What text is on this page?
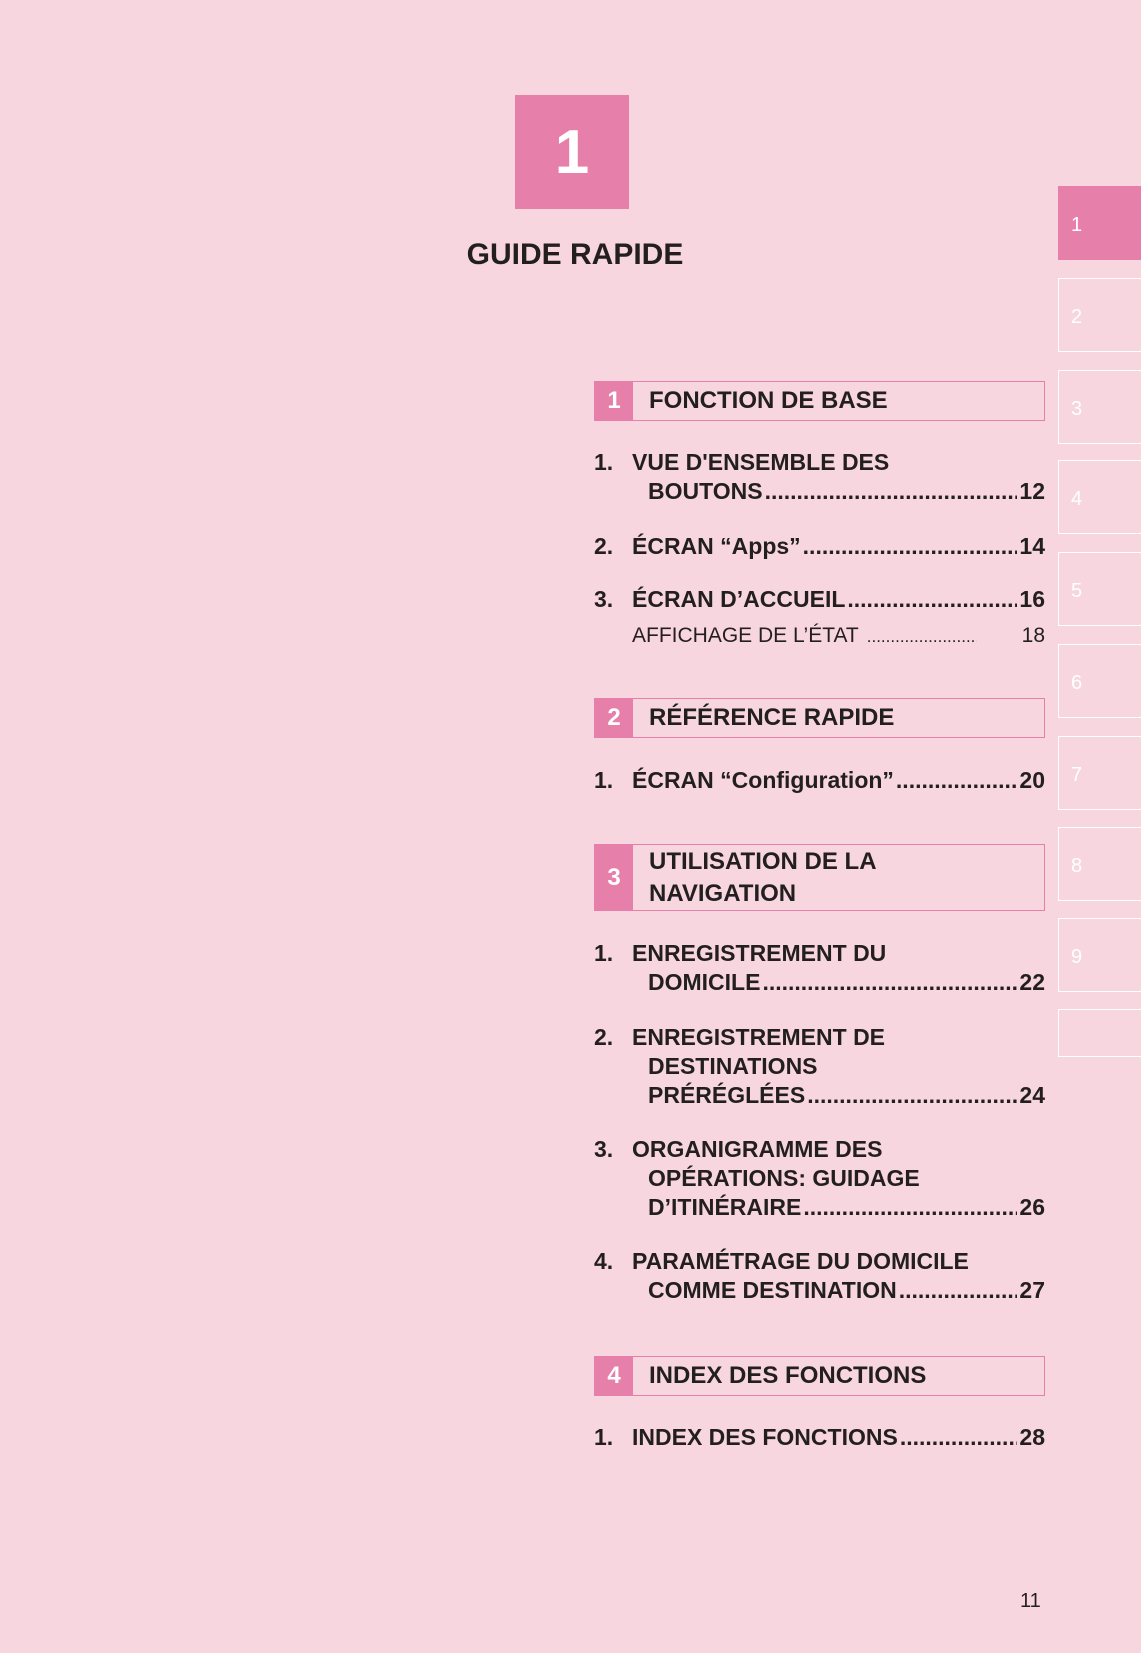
1
GUIDE RAPIDE
1
2
3
4
5
6
7
8
9
1	FONCTION DE BASE
1. VUE D'ENSEMBLE DES
BOUTONS .....	12
2. ÉCRAN “Apps” .....	14
3. ÉCRAN D’ACCUEIL .....	16
AFFICHAGE DE L’ÉTAT .....	18
2	RÉFÉRENCE RAPIDE
1. ÉCRAN “Configuration” .....	20
3
UTILISATION DE LA
NAVIGATION
1. ENREGISTREMENT DU
DOMICILE .....	22
2. ENREGISTREMENT DE
DESTINATIONS
PRÉRÉGLÉES .....	24
3. ORGANIGRAMME DES
OPÉRATIONS: GUIDAGE
D’ITINÉRAIRE .....	26
4. PARAMÉTRAGE DU DOMICILE
COMME DESTINATION .....	27
4	INDEX DES FONCTIONS
1. INDEX DES FONCTIONS .....	28
11
